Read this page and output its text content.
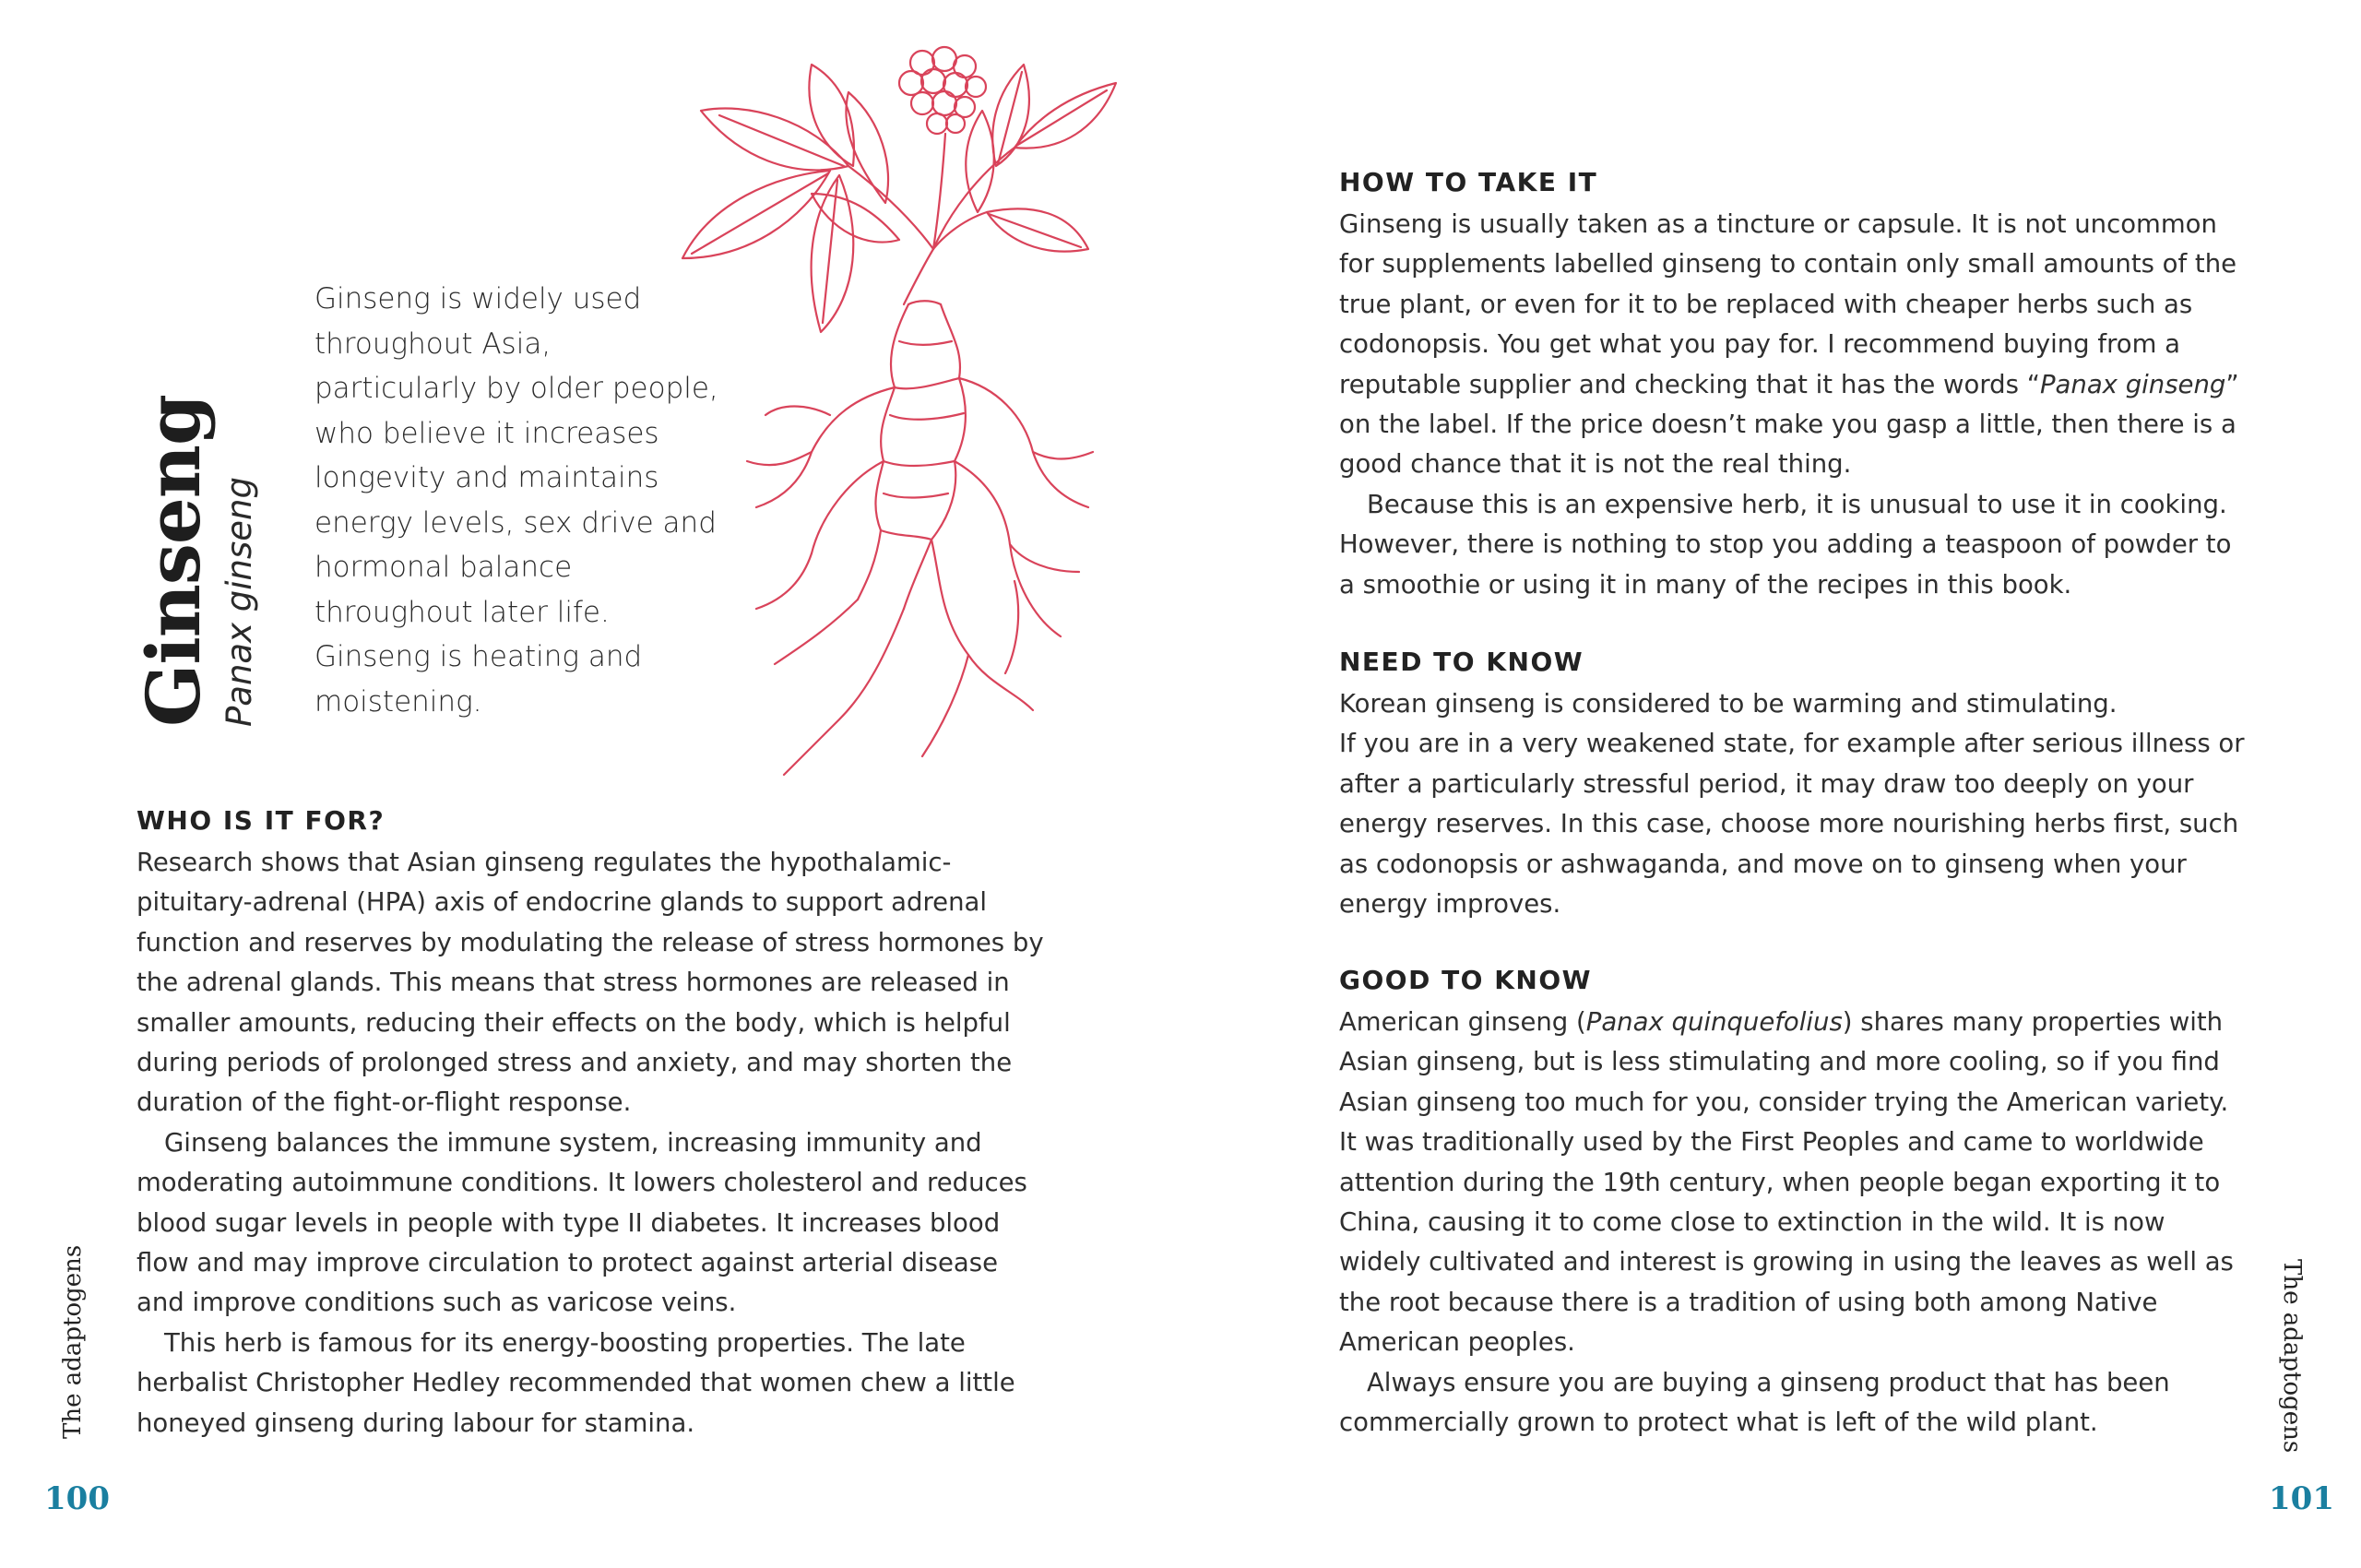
Ginseng Panax ginseng
Ginseng is widely used throughout Asia, particularly by older people, who believe it increases longevity and maintains energy levels, sex drive and hormonal balance throughout later life. Ginseng is heating and moistening.
WHO IS IT FOR?

Research shows that Asian ginseng regulates the hypothalamic-pituitary-adrenal (HPA) axis of endocrine glands to support adrenal function and reserves by modulating the release of stress hormones by the adrenal glands. This means that stress hormones are released in smaller amounts, reducing their effects on the body, which is helpful during periods of prolonged stress and anxiety, and may shorten the duration of the fight-or-flight response.

Ginseng balances the immune system, increasing immunity and moderating autoimmune conditions. It lowers cholesterol and reduces blood sugar levels in people with type II diabetes. It increases blood flow and may improve circulation to protect against arterial disease and improve conditions such as varicose veins.

This herb is famous for its energy-boosting properties. The late herbalist Christopher Hedley recommended that women chew a little honeyed ginseng during labour for stamina.

HOW TO TAKE IT

Ginseng is usually taken as a tincture or capsule. It is not uncommon for supplements labelled ginseng to contain only small amounts of the true plant, or even for it to be replaced with cheaper herbs such as codonopsis. You get what you pay for. I recommend buying from a reputable supplier and checking that it has the words “Panax ginseng” on the label. If the price doesn’t make you gasp a little, then there is a good chance that it is not the real thing.

Because this is an expensive herb, it is unusual to use it in cooking. However, there is nothing to stop you adding a teaspoon of powder to a smoothie or using it in many of the recipes in this book.

NEED TO KNOW

Korean ginseng is considered to be warming and stimulating.

If you are in a very weakened state, for example after serious illness or after a particularly stressful period, it may draw too deeply on your energy reserves. In this case, choose more nourishing herbs first, such as codonopsis or ashwaganda, and move on to ginseng when your energy improves.

GOOD TO KNOW

American ginseng (Panax quinquefolius) shares many properties with Asian ginseng, but is less stimulating and more cooling, so if you find Asian ginseng too much for you, consider trying the American variety. It was traditionally used by the First Peoples and came to worldwide attention during the 19th century, when people began exporting it to China, causing it to come close to extinction in the wild. It is now widely cultivated and interest is growing in using the leaves as well as the root because there is a tradition of using both among Native American peoples.

Always ensure you are buying a ginseng product that has been commercially grown to protect what is left of the wild plant.

The adaptogens	The adaptogens
100	101
